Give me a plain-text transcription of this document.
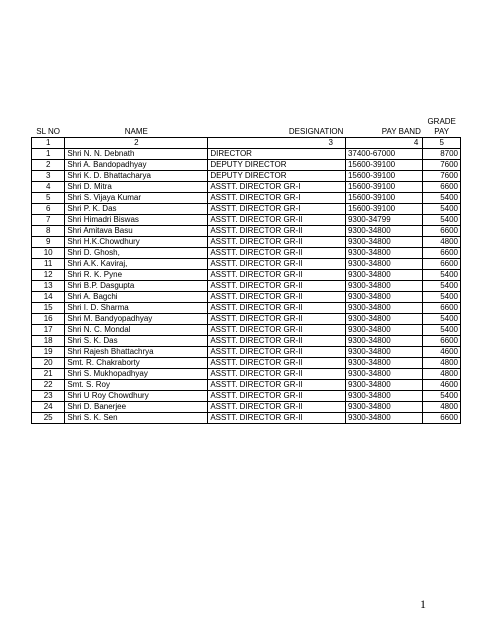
SL NO	NAME	DESIGNATION	PAY BAND	GRADE
PAY

1	2	3	4	5
1	Shri N. N. Debnath	DIRECTOR	37400-67000	8700
2	Shri A. Bandopadhyay	DEPUTY DIRECTOR	15600-39100	7600
3	Shri K. D. Bhattacharya	DEPUTY DIRECTOR	15600-39100	7600
4	Shri D. Mitra	ASSTT. DIRECTOR GR-I	15600-39100	6600
5	Shri S. Vijaya Kumar	ASSTT. DIRECTOR GR-I	15600-39100	5400
6	Shri P. K. Das	ASSTT. DIRECTOR GR-I	15600-39100	5400
7	Shri Himadri Biswas	ASSTT. DIRECTOR GR-II	9300-34799	5400
8	Shri Amitava Basu	ASSTT. DIRECTOR GR-II	9300-34800	6600
9	Shri H.K.Chowdhury	ASSTT. DIRECTOR GR-II	9300-34800	4800
10	Shri D. Ghosh,	ASSTT. DIRECTOR GR-II	9300-34800	6600
11	Shri A.K. Kaviraj,	ASSTT. DIRECTOR GR-II	9300-34800	6600
12	Shri R. K. Pyne	ASSTT. DIRECTOR GR-II	9300-34800	5400
13	Shri B.P. Dasgupta	ASSTT. DIRECTOR GR-II	9300-34800	5400
14	Shri A. Bagchi	ASSTT. DIRECTOR GR-II	9300-34800	5400
15	Shri I. D. Sharma	ASSTT. DIRECTOR GR-II	9300-34800	6600
16	Shri M. Bandyopadhyay	ASSTT. DIRECTOR GR-II	9300-34800	5400
17	Shri N. C. Mondal	ASSTT. DIRECTOR GR-II	9300-34800	5400
18	Shri S. K. Das	ASSTT. DIRECTOR GR-II	9300-34800	6600
19	Shri Rajesh Bhattachrya	ASSTT. DIRECTOR GR-II	9300-34800	4600
20	Smt. R. Chakraborty	ASSTT. DIRECTOR GR-II	9300-34800	4800
21	Shri S. Mukhopadhyay	ASSTT. DIRECTOR GR-II	9300-34800	4800
22	Smt. S. Roy	ASSTT. DIRECTOR GR-II	9300-34800	4600
23	Shri U Roy Chowdhury	ASSTT. DIRECTOR GR-II	9300-34800	5400
24	Shri D. Banerjee	ASSTT. DIRECTOR GR-II	9300-34800	4800
25	Shri S. K. Sen	ASSTT. DIRECTOR GR-II	9300-34800	6600
1
